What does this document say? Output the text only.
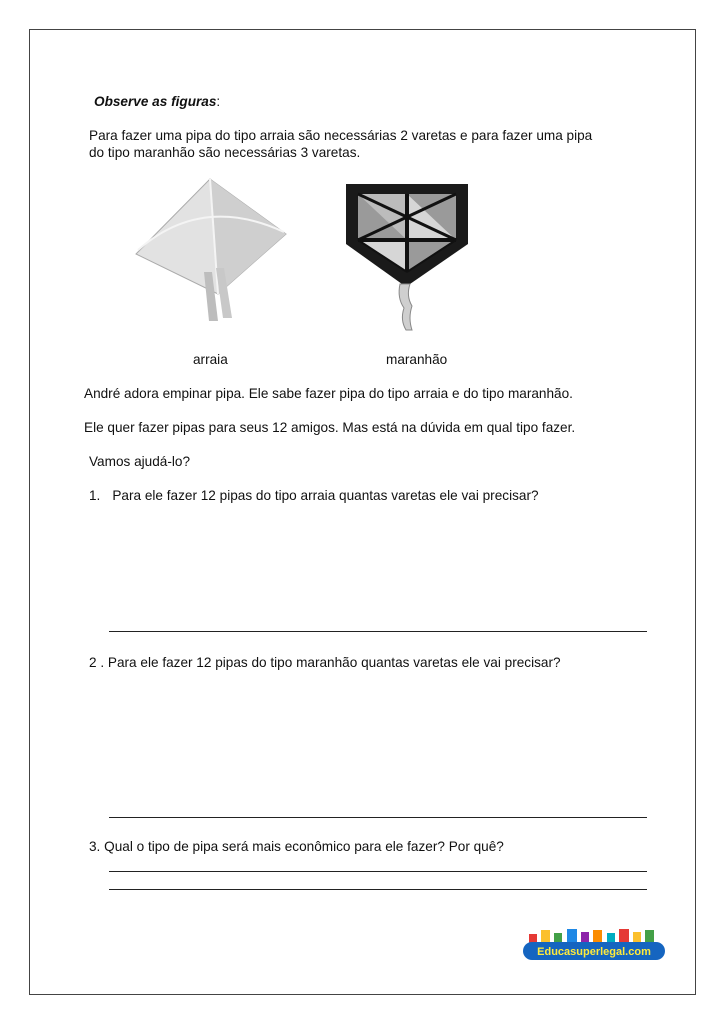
Observe as figuras:
Para fazer uma pipa do tipo arraia são necessárias 2 varetas e para fazer uma pipa
do tipo maranhão são necessárias 3 varetas.
arraia	maranhão
André adora empinar pipa. Ele sabe fazer pipa do tipo arraia e do tipo maranhão.
Ele quer fazer pipas para seus 12 amigos. Mas está na dúvida em qual tipo fazer.
Vamos ajudá-lo?
1. Para ele fazer 12 pipas do tipo arraia quantas varetas ele vai precisar?
2 . Para ele fazer 12 pipas do tipo maranhão quantas varetas ele vai precisar?
3. Qual o tipo de pipa será mais econômico para ele fazer? Por quê?
Educasuperlegal.com
